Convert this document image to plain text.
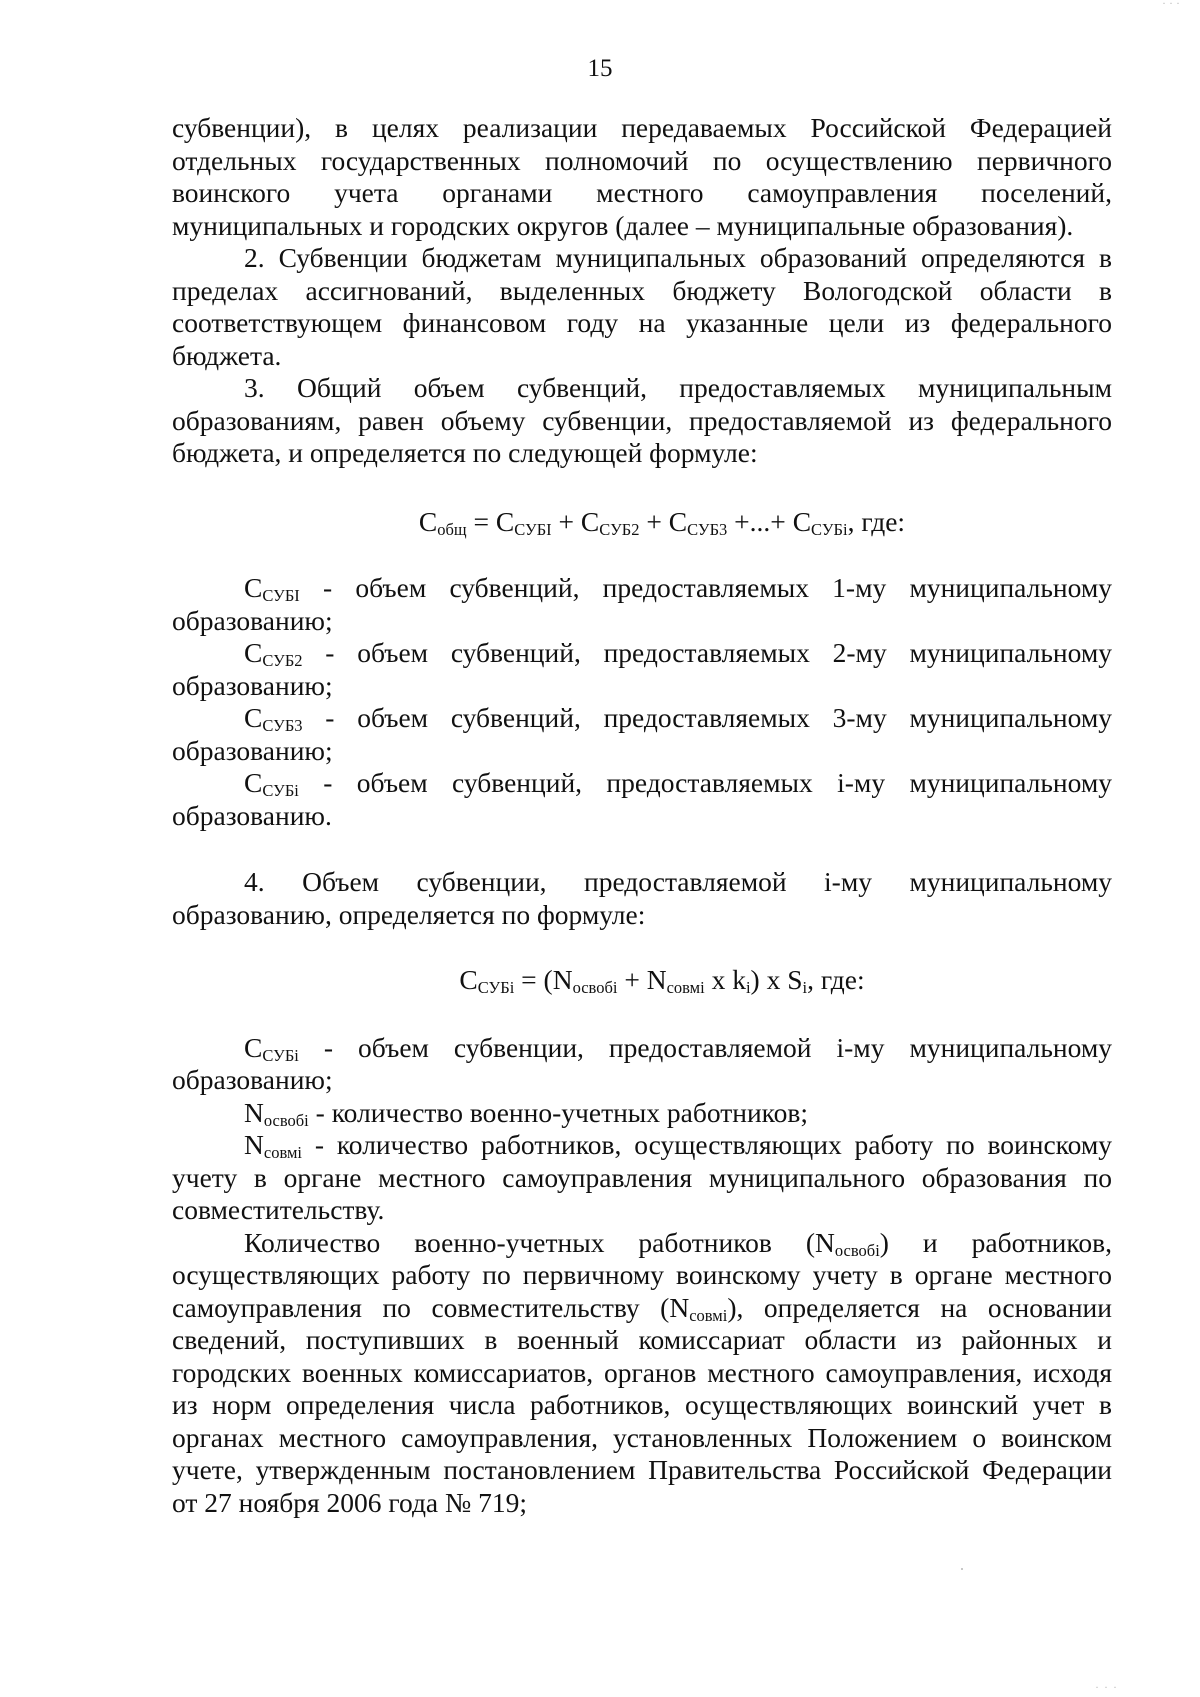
· · ·
15

субвенции), в целях реализации передаваемых Российской Федерацией отдельных государственных полномочий по осуществлению первичного воинского учета органами местного самоуправления поселений, муниципальных и городских округов (далее – муниципальные образования).

2. Субвенции бюджетам муниципальных образований определяются в пределах ассигнований, выделенных бюджету Вологодской области в соответствующем финансовом году на указанные цели из федерального бюджета.

3. Общий объем субвенций, предоставляемых муниципальным образованиям, равен объему субвенции, предоставляемой из федерального бюджета, и определяется по следующей формуле:

$С_{общ} = С_{СУБI} + С_{СУБ2} + С_{СУБ3}$ +...+ $С_{СУБi}$, где:

$С_{СУБI}$ - объем субвенций, предоставляемых 1-му муниципальному образованию;

$С_{СУБ2}$ - объем субвенций, предоставляемых 2-му муниципальному образованию;

$С_{СУБ3}$ - объем субвенций, предоставляемых 3-му муниципальному образованию;

$С_{СУБi}$ - объем субвенций, предоставляемых i-му муниципальному образованию.

4. Объем субвенции, предоставляемой i-му муниципальному образованию, определяется по формуле:

$С_{СУБi} = (N_{освобi} + N_{совмi}$ x $k_i$) x $S_i$, где:

$С_{СУБi}$ - объем субвенции, предоставляемой i-му муниципальному образованию;

$N_{освобi}$ - количество военно-учетных работников;

$N_{совмi}$ - количество работников, осуществляющих работу по воинскому учету в органе местного самоуправления муниципального образования по совместительству.

Количество военно-учетных работников $(N_{освобi})$ и работников, осуществляющих работу по первичному воинскому учету в органе местного самоуправления по совместительству $(N_{совмi})$, определяется на основании сведений, поступивших в военный комиссариат области из районных и городских военных комиссариатов, органов местного самоуправления, исходя из норм определения числа работников, осуществляющих воинский учет в органах местного самоуправления, установленных Положением о воинском учете, утвержденным постановлением Правительства Российской Федерации от 27 ноября 2006 года № 719;

· · ·
